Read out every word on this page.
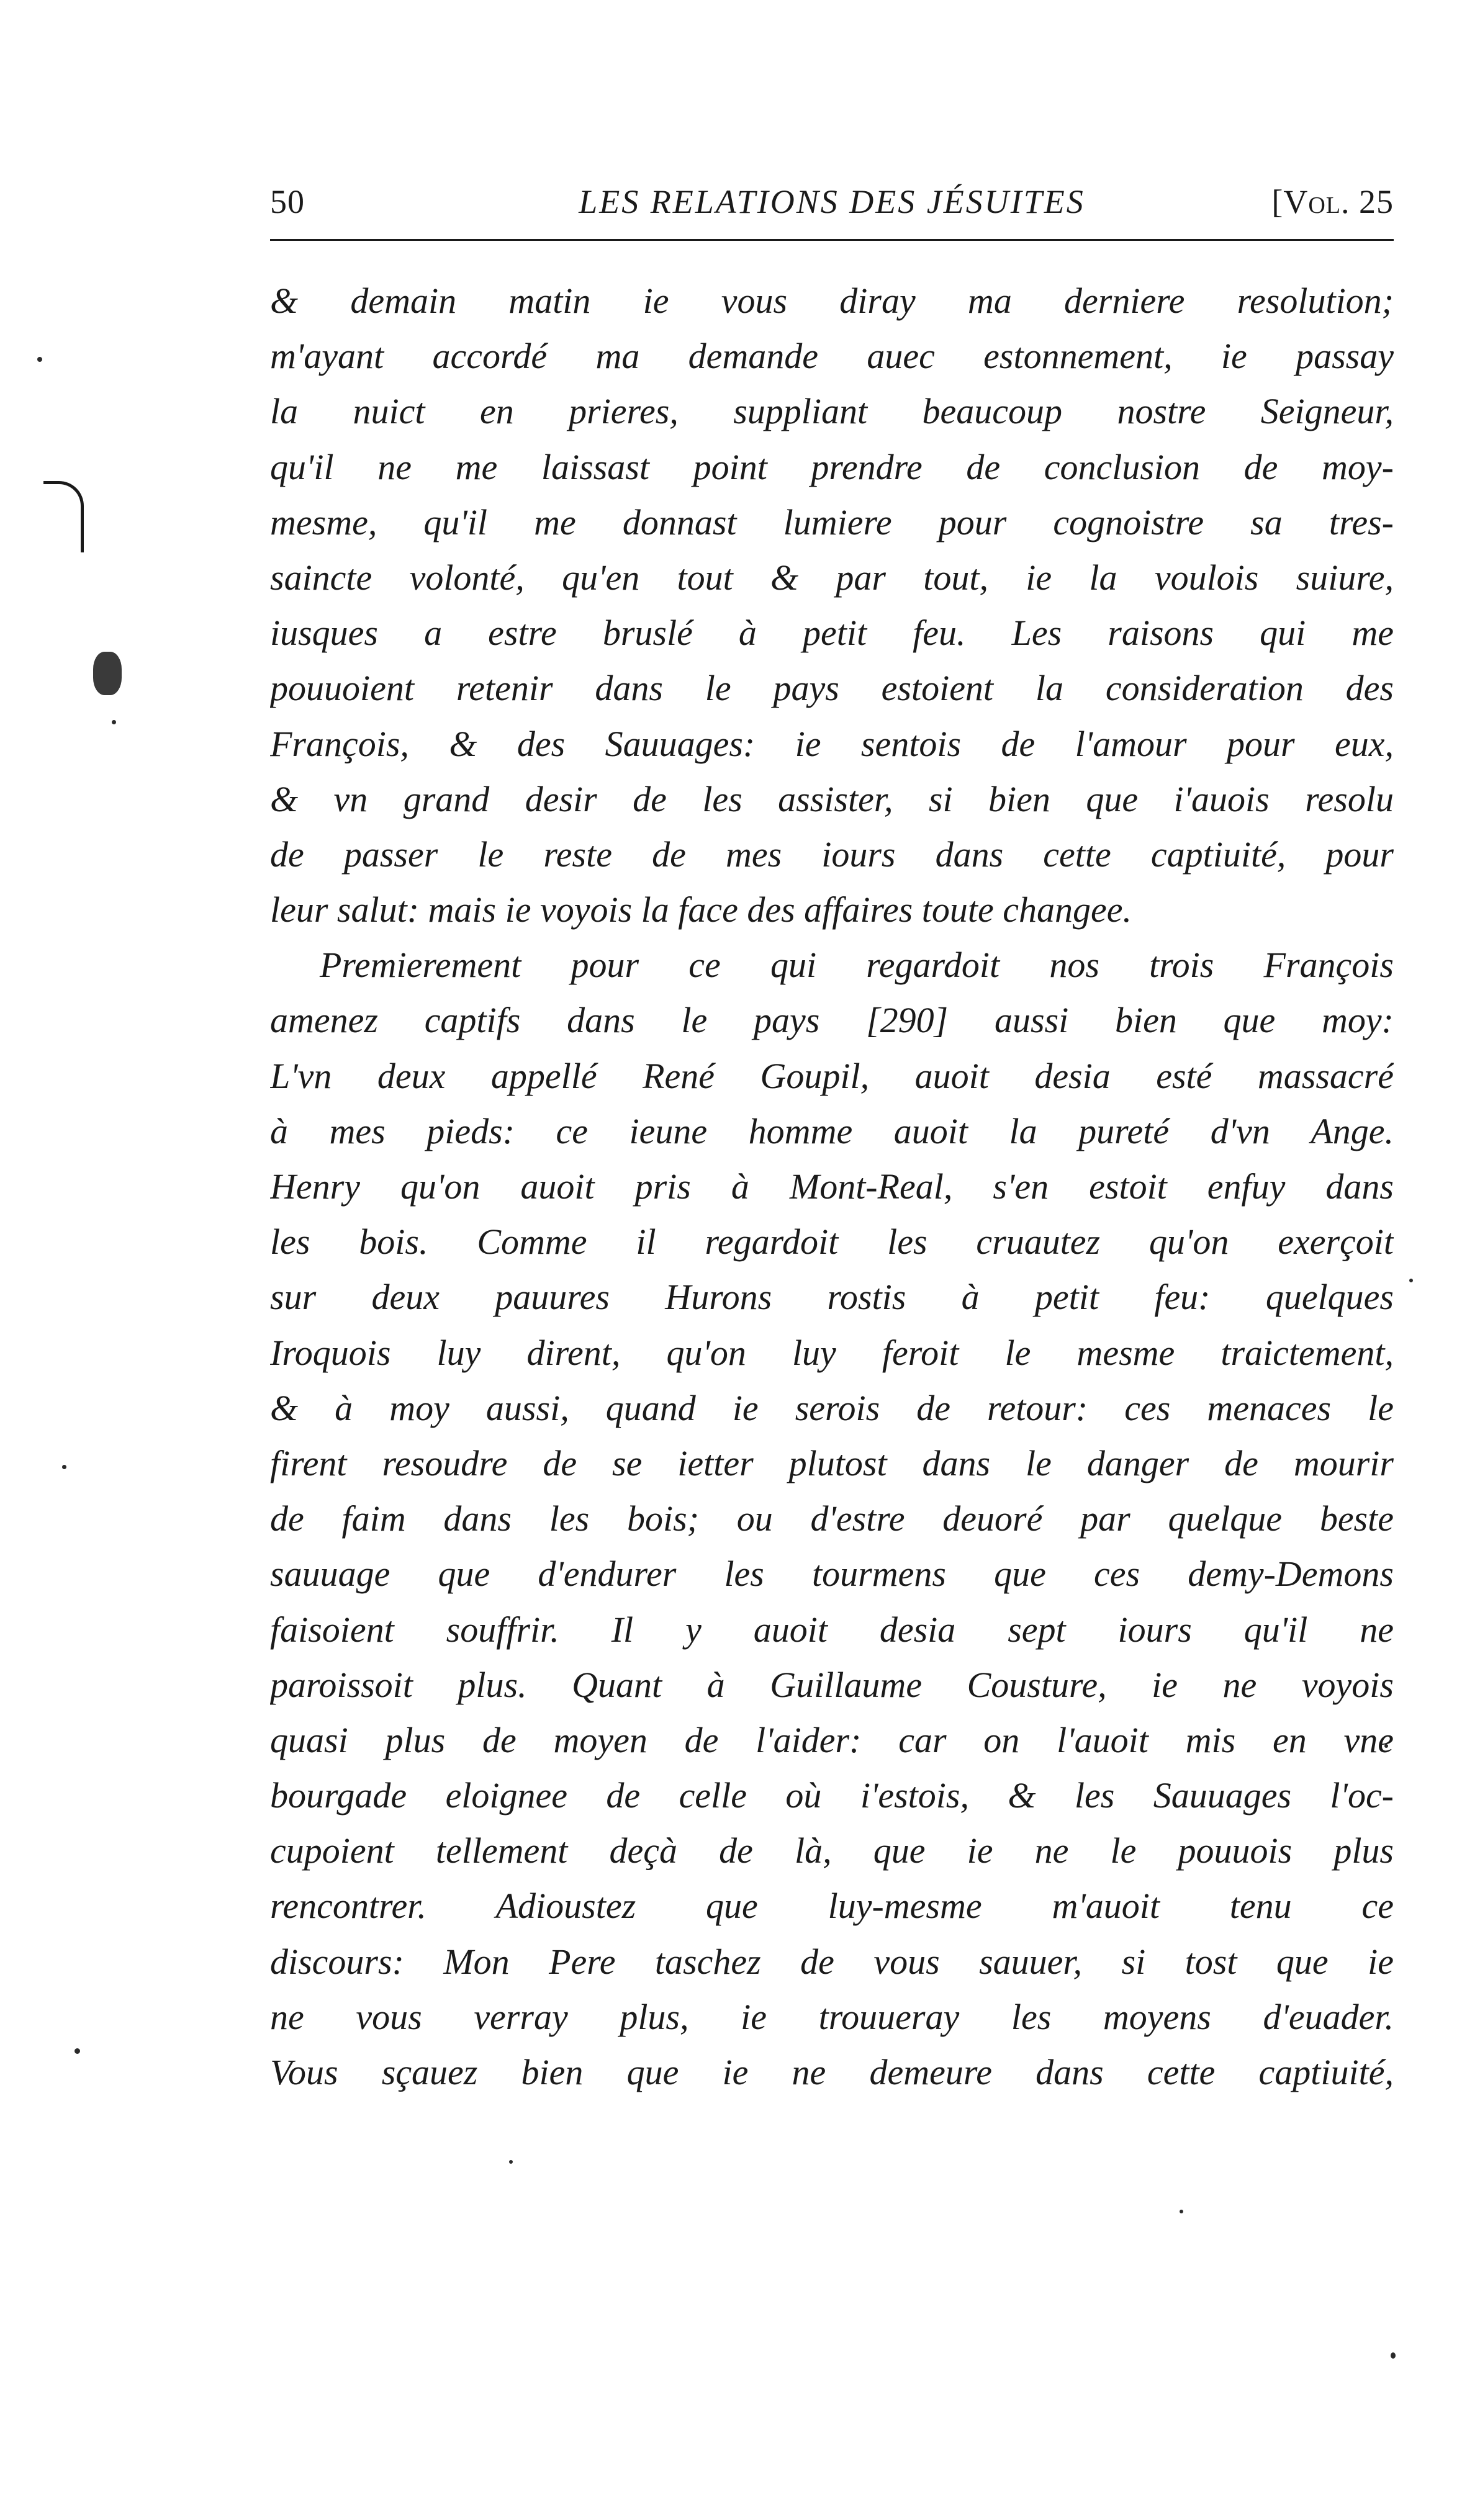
50	LES RELATIONS DES JÉSUITES	[Vol. 25
& demain matin ie vous diray ma derniere resolution;
m'ayant accordé ma demande auec estonnement, ie passay
la nuict en prieres, suppliant beaucoup nostre Seigneur,
qu'il ne me laissast point prendre de conclusion de moy-
mesme, qu'il me donnast lumiere pour cognoistre sa tres-
saincte volonté, qu'en tout & par tout, ie la voulois suiure,
iusques a estre bruslé à petit feu. Les raisons qui me
pouuoient retenir dans le pays estoient la consideration des
François, & des Sauuages: ie sentois de l'amour pour eux,
& vn grand desir de les assister, si bien que i'auois resolu
de passer le reste de mes iours dans cette captiuité, pour
leur salut: mais ie voyois la face des affaires toute changee.
Premierement pour ce qui regardoit nos trois François
amenez captifs dans le pays [290] aussi bien que moy:
L'vn deux appellé René Goupil, auoit desia esté massacré
à mes pieds: ce ieune homme auoit la pureté d'vn Ange.
Henry qu'on auoit pris à Mont-Real, s'en estoit enfuy dans
les bois. Comme il regardoit les cruautez qu'on exerçoit
sur deux pauures Hurons rostis à petit feu: quelques
Iroquois luy dirent, qu'on luy feroit le mesme traictement,
& à moy aussi, quand ie serois de retour: ces menaces le
firent resoudre de se ietter plutost dans le danger de mourir
de faim dans les bois; ou d'estre deuoré par quelque beste
sauuage que d'endurer les tourmens que ces demy-Demons
faisoient souffrir. Il y auoit desia sept iours qu'il ne
paroissoit plus. Quant à Guillaume Cousture, ie ne voyois
quasi plus de moyen de l'aider: car on l'auoit mis en vne
bourgade eloignee de celle où i'estois, & les Sauuages l'oc-
cupoient tellement deçà de là, que ie ne le pouuois plus
rencontrer. Adioustez que luy-mesme m'auoit tenu ce
discours: Mon Pere taschez de vous sauuer, si tost que ie
ne vous verray plus, ie trouueray les moyens d'euader.
Vous sçauez bien que ie ne demeure dans cette captiuité,
